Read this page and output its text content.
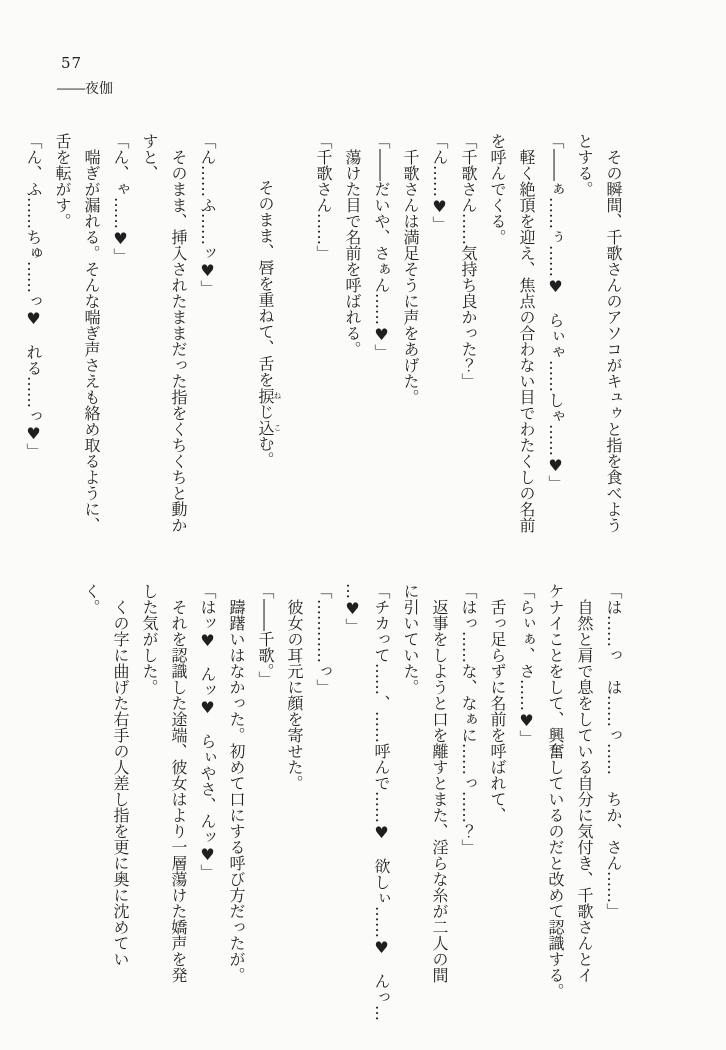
57
――夜伽

　その瞬間、千歌さんのアソコがキュゥと指を食べよう

とする。

「――ぁ……ぅ……♥　らぃゃ……しゃ……♥」

　軽く絶頂を迎え、焦点の合わない目でわたくしの名前

を呼んでくる。

「千歌さん……気持ち良かった？」

「ん……♥」

　千歌さんは満足そうに声をあげた。

「――だいや、さぁん……♥」

　蕩けた目で名前を呼ばれる。

「千歌さん……」

　そのまま、唇を重ねて、舌を捩ねじ込こむ。

「ん……ふ……ッ♥」

　そのまま、挿入されたままだった指をくちくちと動か

すと、

「ん、ゃ……♥」

　喘ぎが漏れる。そんな喘ぎ声さえも絡め取るように、

舌を転がす。

「ん、ふ……ちゅ……っ♥　れる……っ♥」

「は……っ　は……っ……　ちか、さん……」

　自然と肩で息をしている自分に気付き、千歌さんとイ

ケナイことをして、興奮しているのだと改めて認識する。

「らぃぁ、さ……♥」

　舌っ足らずに名前を呼ばれて、

「はっ……な、なぁに……っ……？」

　返事をしようと口を離すとまた、淫らな糸が二人の間

に引いていた。

「チカって……、……呼んで……♥　欲しぃ……♥　んっ…

…♥」

「…………っ」

　彼女の耳元に顔を寄せた。

「――千歌。」

　躊躇いはなかった。初めて口にする呼び方だったが。

「はッ♥　んッ♥　らぃやさ、んッ♥」

　それを認識した途端、彼女はより一層蕩けた嬌声を発

した気がした。

　くの字に曲げた右手の人差し指を更に奥に沈めてい

く。
